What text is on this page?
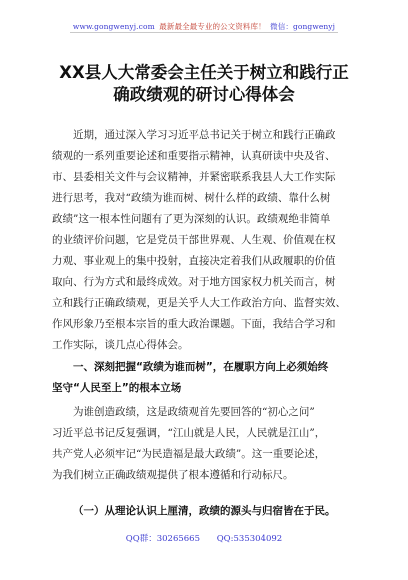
www.gongwenyj.com 最新最全最专业的公文资料库！ 微信：gongwenyj
XX县人大常委会主任关于树立和践行正
确政绩观的研讨心得体会
近期，通过深入学习习近平总书记关于树立和践行正确政
绩观的一系列重要论述和重要指示精神，认真研读中央及省、
市、县委相关文件与会议精神，并紧密联系我县人大工作实际
进行思考，我对“政绩为谁而树、树什么样的政绩、靠什么树
政绩”这一根本性问题有了更为深刻的认识。政绩观绝非简单
的业绩评价问题，它是党员干部世界观、人生观、价值观在权
力观、事业观上的集中投射，直接决定着我们从政履职的价值
取向、行为方式和最终成效。对于地方国家权力机关而言，树
立和践行正确政绩观，更是关乎人大工作政治方向、监督实效、
作风形象乃至根本宗旨的重大政治课题。下面，我结合学习和
工作实际，谈几点心得体会。
一、深刻把握“政绩为谁而树”，在履职方向上必须始终
坚守“人民至上”的根本立场
为谁创造政绩，这是政绩观首先要回答的“初心之问”
习近平总书记反复强调，“江山就是人民，人民就是江山”，
共产党人必须牢记“为民造福是最大政绩”。这一重要论述，
为我们树立正确政绩观提供了根本遵循和行动标尺。
（一）从理论认识上厘清，政绩的源头与归宿皆在于民。
QQ群：30265665 QQ:535304092
